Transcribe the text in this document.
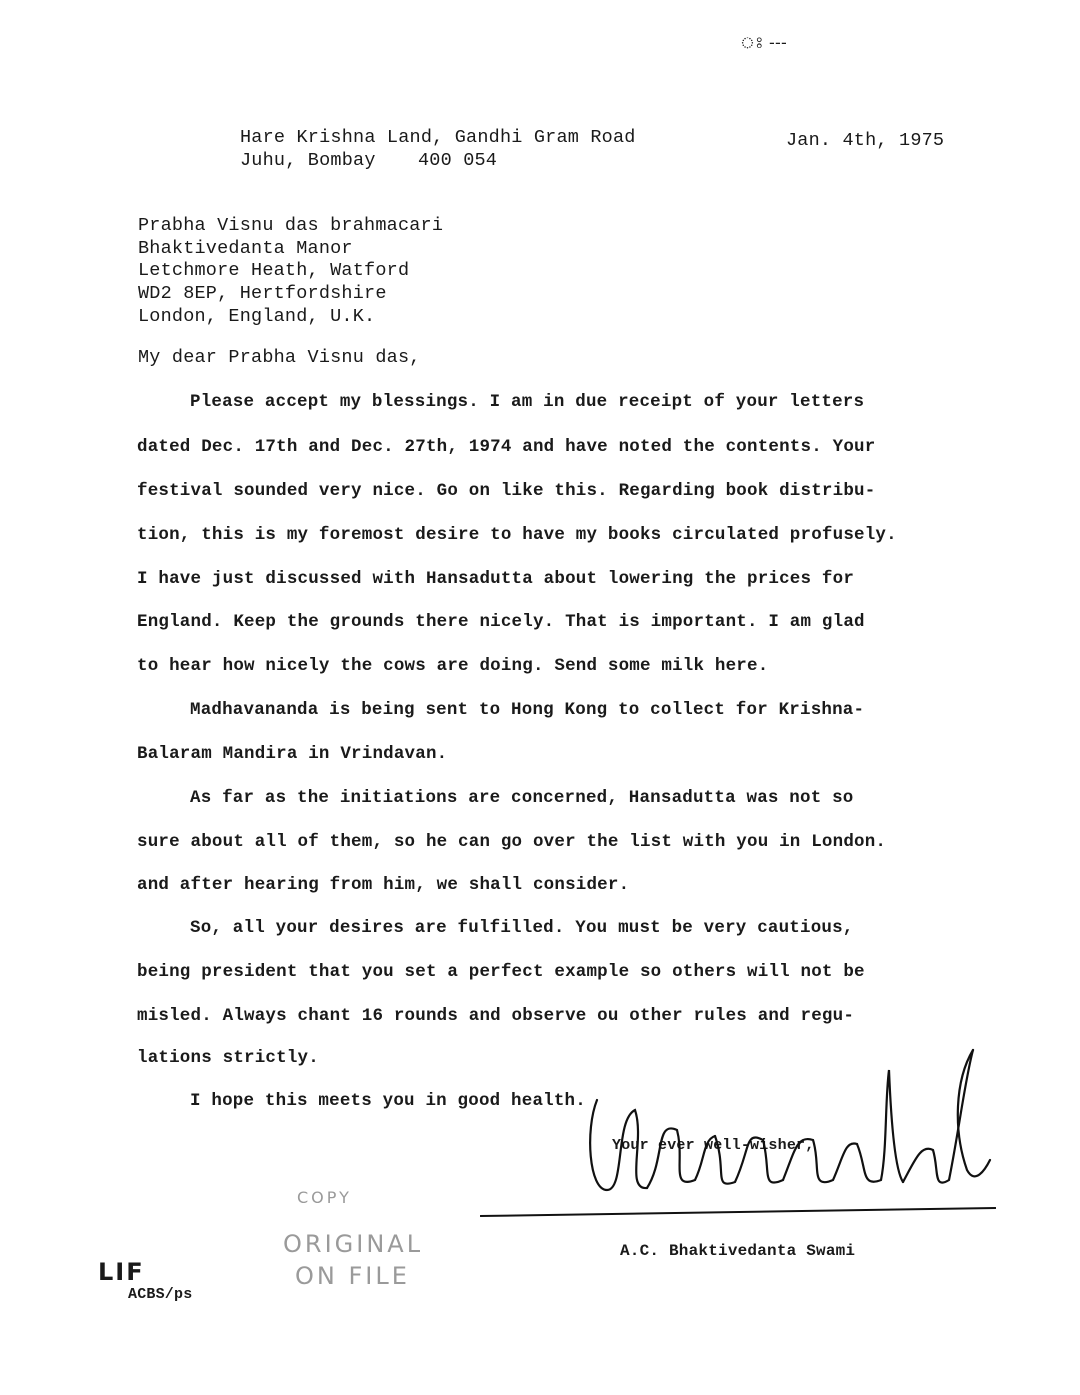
ঃ ---
Hare Krishna Land, Gandhi Gram Road
Juhu, Bombay 400 054
Jan. 4th, 1975
Prabha Visnu das brahmacari
Bhaktivedanta Manor
Letchmore Heath, Watford
WD2 8EP, Hertfordshire
London, England, U.K.
My dear Prabha Visnu das,
Please accept my blessings. I am in due receipt of your letters
dated Dec. 17th and Dec. 27th, 1974 and have noted the contents. Your
festival sounded very nice. Go on like this. Regarding book distribu-
tion, this is my foremost desire to have my books circulated profusely.
I have just discussed with Hansadutta about lowering the prices for
England. Keep the grounds there nicely. That is important. I am glad
to hear how nicely the cows are doing. Send some milk here.
Madhavananda is being sent to Hong Kong to collect for Krishna-
Balaram Mandira in Vrindavan.
As far as the initiations are concerned, Hansadutta was not so
sure about all of them, so he can go over the list with you in London.
and after hearing from him, we shall consider.
So, all your desires are fulfilled. You must be very cautious,
being president that you set a perfect example so others will not be
misled. Always chant 16 rounds and observe ou other rules and regu-
lations strictly.
I hope this meets you in good health.
Your ever well-wisher,
A.C. Bhaktivedanta Swami
COPY
ORIGINAL
ON FILE
LIF
ACBS/ps
